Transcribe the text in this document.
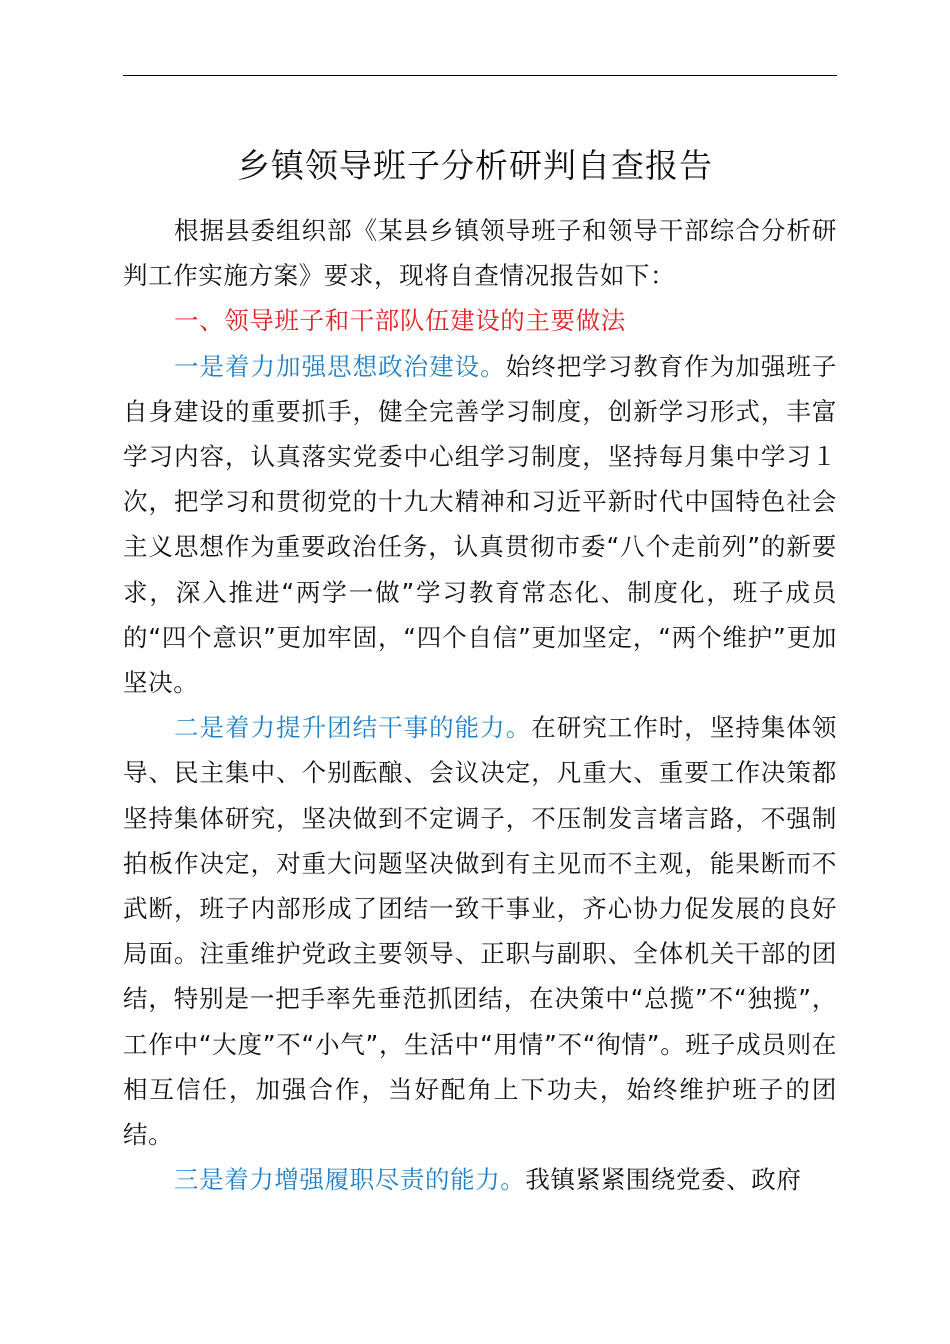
乡镇领导班子分析研判自查报告

根据县委组织部《某县乡镇领导班子和领导干部综合分析研判工作实施方案》要求，现将自查情况报告如下：

一、领导班子和干部队伍建设的主要做法

一是着力加强思想政治建设。始终把学习教育作为加强班子自身建设的重要抓手，健全完善学习制度，创新学习形式，丰富学习内容，认真落实党委中心组学习制度，坚持每月集中学习１次，把学习和贯彻党的十九大精神和习近平新时代中国特色社会主义思想作为重要政治任务，认真贯彻市委“八个走前列”的新要求，深入推进“两学一做”学习教育常态化、制度化，班子成员的“四个意识”更加牢固，“四个自信”更加坚定，“两个维护”更加坚决。

二是着力提升团结干事的能力。在研究工作时，坚持集体领导、民主集中、个别酝酿、会议决定，凡重大、重要工作决策都坚持集体研究，坚决做到不定调子，不压制发言堵言路，不强制拍板作决定，对重大问题坚决做到有主见而不主观，能果断而不武断，班子内部形成了团结一致干事业，齐心协力促发展的良好局面。注重维护党政主要领导、正职与副职、全体机关干部的团结，特别是一把手率先垂范抓团结，在决策中“总揽”不“独揽”，工作中“大度”不“小气”，生活中“用情”不“徇情”。班子成员则在相互信任，加强合作，当好配角上下功夫，始终维护班子的团结。

三是着力增强履职尽责的能力。我镇紧紧围绕党委、政府
